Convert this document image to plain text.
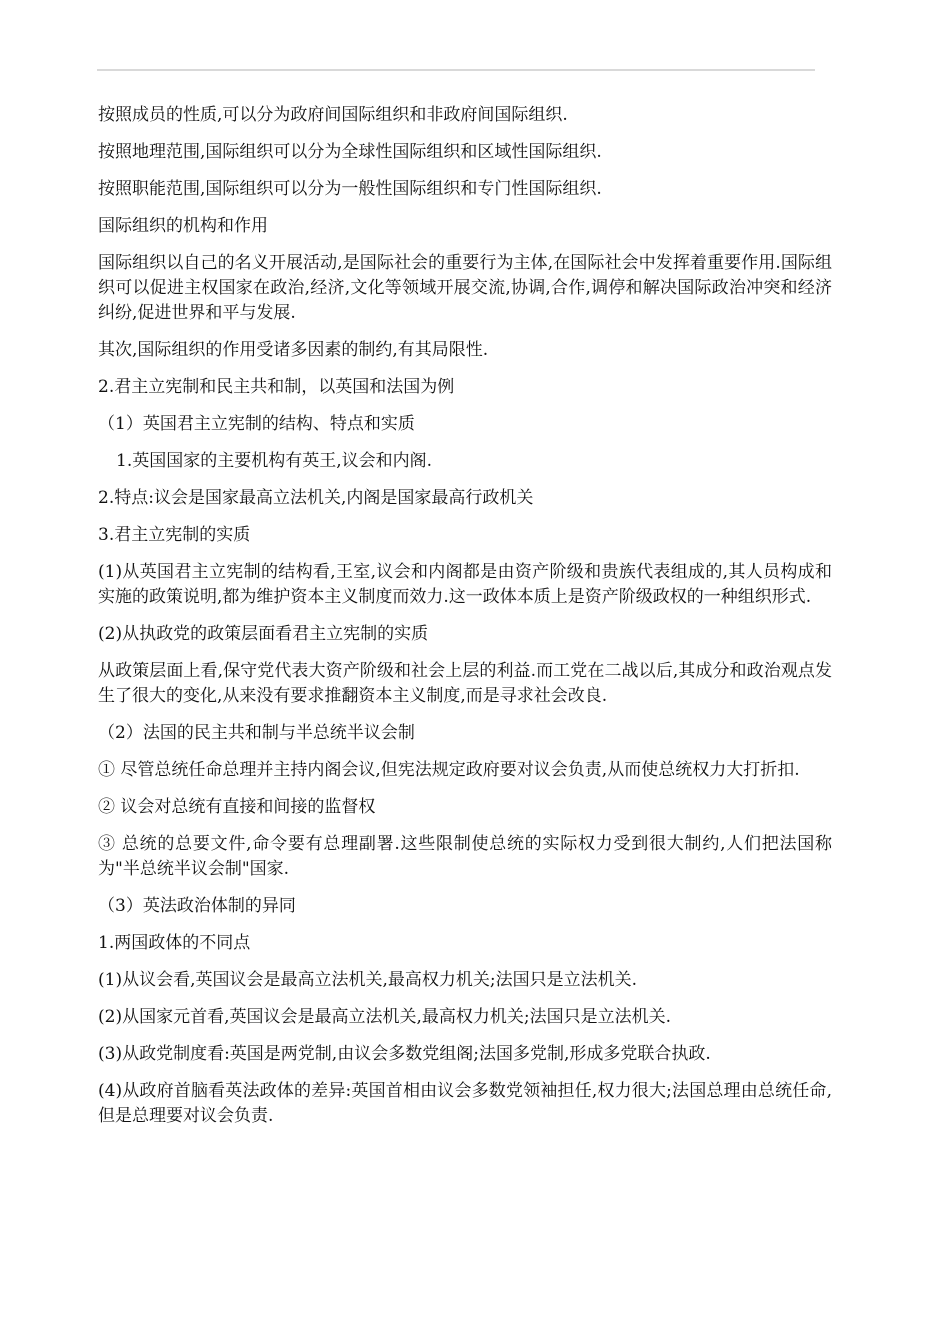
按照成员的性质,可以分为政府间国际组织和非政府间国际组织.

按照地理范围,国际组织可以分为全球性国际组织和区域性国际组织.

按照职能范围,国际组织可以分为一般性国际组织和专门性国际组织.

国际组织的机构和作用

国际组织以自己的名义开展活动,是国际社会的重要行为主体,在国际社会中发挥着重要作用.国际组织可以促进主权国家在政治,经济,文化等领域开展交流,协调,合作,调停和解决国际政治冲突和经济纠纷,促进世界和平与发展.

其次,国际组织的作用受诸多因素的制约,有其局限性.

2.君主立宪制和民主共和制，以英国和法国为例

（1）英国君主立宪制的结构、特点和实质

1.英国国家的主要机构有英王,议会和内阁.

2.特点:议会是国家最高立法机关,内阁是国家最高行政机关

3.君主立宪制的实质

(1)从英国君主立宪制的结构看,王室,议会和内阁都是由资产阶级和贵族代表组成的,其人员构成和实施的政策说明,都为维护资本主义制度而效力.这一政体本质上是资产阶级政权的一种组织形式.

(2)从执政党的政策层面看君主立宪制的实质

从政策层面上看,保守党代表大资产阶级和社会上层的利益.而工党在二战以后,其成分和政治观点发生了很大的变化,从来没有要求推翻资本主义制度,而是寻求社会改良.

（2）法国的民主共和制与半总统半议会制

① 尽管总统任命总理并主持内阁会议,但宪法规定政府要对议会负责,从而使总统权力大打折扣.

② 议会对总统有直接和间接的监督权

③ 总统的总要文件,命令要有总理副署.这些限制使总统的实际权力受到很大制约,人们把法国称为"半总统半议会制"国家.

（3）英法政治体制的异同

1.两国政体的不同点

(1)从议会看,英国议会是最高立法机关,最高权力机关;法国只是立法机关.

(2)从国家元首看,英国议会是最高立法机关,最高权力机关;法国只是立法机关.

(3)从政党制度看:英国是两党制,由议会多数党组阁;法国多党制,形成多党联合执政.

(4)从政府首脑看英法政体的差异:英国首相由议会多数党领袖担任,权力很大;法国总理由总统任命,但是总理要对议会负责.
